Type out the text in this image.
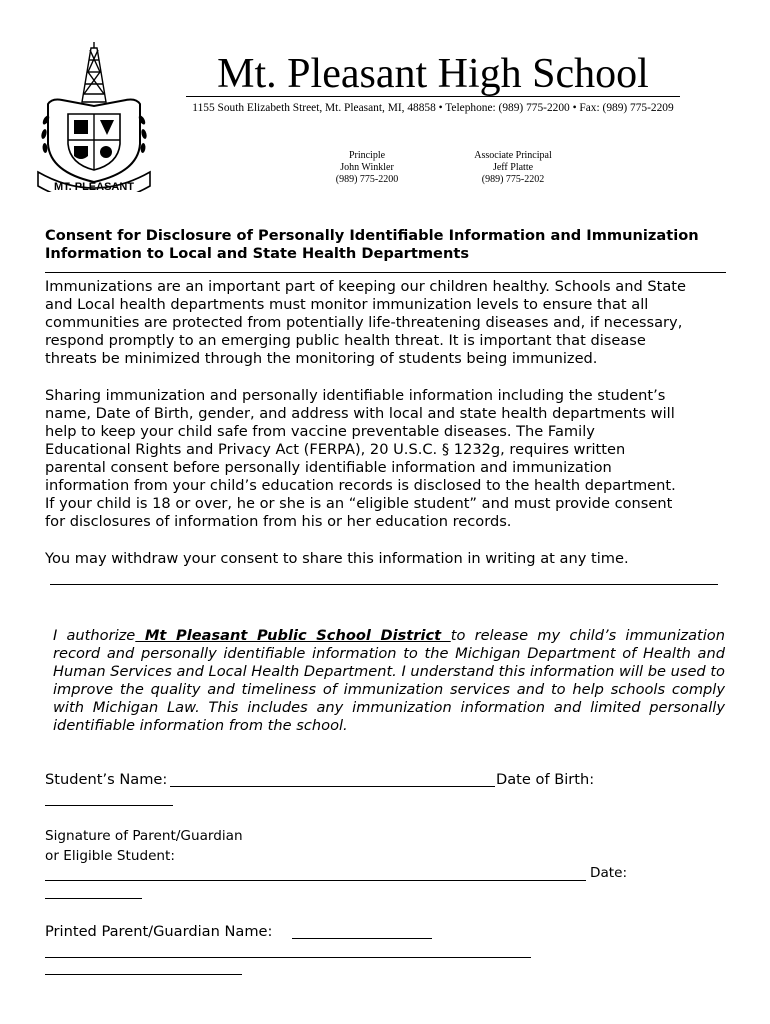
MT. PLEASANT
Mt. Pleasant High School
1155 South Elizabeth Street, Mt. Pleasant, MI, 48858 • Telephone: (989) 775-2200 • Fax: (989) 775-2209
Principle
John Winkler
(989) 775-2200
Associate Principal
Jeff Platte
(989) 775-2202
Consent for Disclosure of Personally Identifiable Information and Immunization
Information to Local and State Health Departments
Immunizations are an important part of keeping our children healthy. Schools and State
and Local health departments must monitor immunization levels to ensure that all
communities are protected from potentially life-threatening diseases and, if necessary,
respond promptly to an emerging public health threat. It is important that disease
threats be minimized through the monitoring of students being immunized.
Sharing immunization and personally identifiable information including the student’s
name, Date of Birth, gender, and address with local and state health departments will
help to keep your child safe from vaccine preventable diseases. The Family
Educational Rights and Privacy Act (FERPA), 20 U.S.C. § 1232g, requires written
parental consent before personally identifiable information and immunization
information from your child’s education records is disclosed to the health department.
If your child is 18 or over, he or she is an “eligible student” and must provide consent
for disclosures of information from his or her education records.
You may withdraw your consent to share this information in writing at any time.
I authorize Mt Pleasant Public School District to release my child’s immunization record and personally identifiable information to the Michigan Department of Health and Human Services and Local Health Department. I understand this information will be used to improve the quality and timeliness of immunization services and to help schools comply with Michigan Law. This includes any immunization information and limited personally identifiable information from the school.
Student’s Name:	Date of Birth:
Signature of Parent/Guardian
or Eligible Student:
Date:
Printed Parent/Guardian Name:
